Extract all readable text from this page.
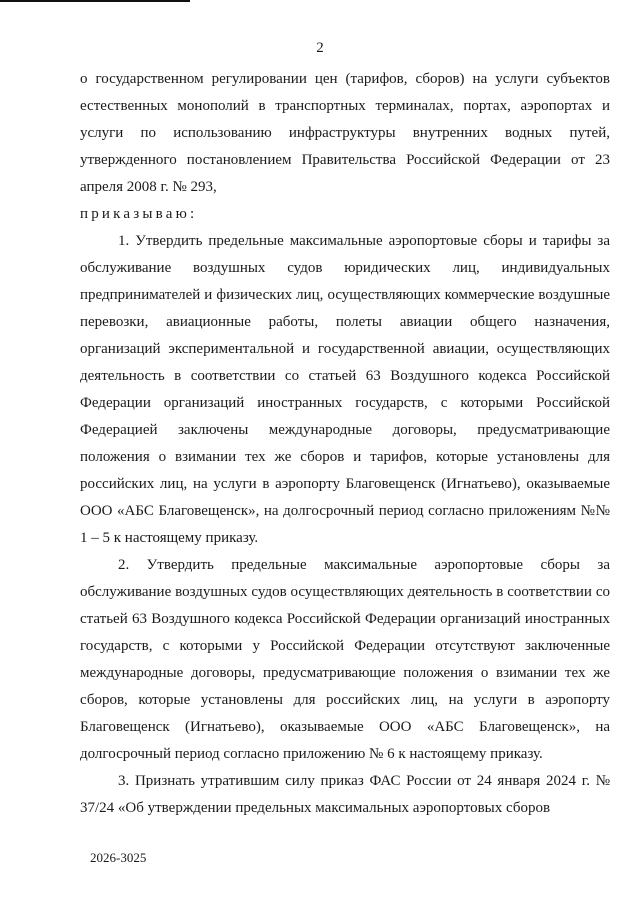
2

о государственном регулировании цен (тарифов, сборов) на услуги субъектов естественных монополий в транспортных терминалах, портах, аэропортах и услуги по использованию инфраструктуры внутренних водных путей, утвержденного постановлением Правительства Российской Федерации от 23 апреля 2008 г. № 293,

приказываю:

1. Утвердить предельные максимальные аэропортовые сборы и тарифы за обслуживание воздушных судов юридических лиц, индивидуальных предпринимателей и физических лиц, осуществляющих коммерческие воздушные перевозки, авиационные работы, полеты авиации общего назначения, организаций экспериментальной и государственной авиации, осуществляющих деятельность в соответствии со статьей 63 Воздушного кодекса Российской Федерации организаций иностранных государств, с которыми Российской Федерацией заключены международные договоры, предусматривающие положения о взимании тех же сборов и тарифов, которые установлены для российских лиц, на услуги в аэропорту Благовещенск (Игнатьево), оказываемые ООО «АБС Благовещенск», на долгосрочный период согласно приложениям №№ 1 – 5 к настоящему приказу.

2. Утвердить предельные максимальные аэропортовые сборы за обслуживание воздушных судов осуществляющих деятельность в соответствии со статьей 63 Воздушного кодекса Российской Федерации организаций иностранных государств, с которыми у Российской Федерации отсутствуют заключенные международные договоры, предусматривающие положения о взимании тех же сборов, которые установлены для российских лиц, на услуги в аэропорту Благовещенск (Игнатьево), оказываемые ООО «АБС Благовещенск», на долгосрочный период согласно приложению № 6 к настоящему приказу.

3. Признать утратившим силу приказ ФАС России от 24 января 2024 г. № 37/24 «Об утверждении предельных максимальных аэропортовых сборов

2026-3025
